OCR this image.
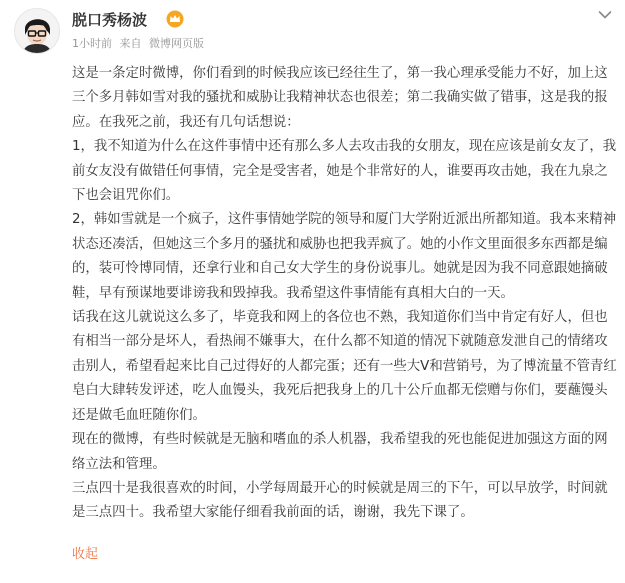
脱口秀杨波
1小时前 来自 微博网页版

这是一条定时微博，你们看到的时候我应该已经往生了，第一我心理承受能力不好，加上这三个多月韩如雪对我的骚扰和威胁让我精神状态也很差；第二我确实做了错事，这是我的报应。在我死之前，我还有几句话想说：

1，我不知道为什么在这件事情中还有那么多人去攻击我的女朋友，现在应该是前女友了，我前女友没有做错任何事情，完全是受害者，她是个非常好的人，谁要再攻击她，我在九泉之下也会诅咒你们。

2，韩如雪就是一个疯子，这件事情她学院的领导和厦门大学附近派出所都知道。我本来精神状态还凑活，但她这三个多月的骚扰和威胁也把我弄疯了。她的小作文里面很多东西都是编的，装可怜博同情，还拿行业和自己女大学生的身份说事儿。她就是因为我不同意跟她摘破鞋，早有预谋地要诽谤我和毁掉我。我希望这件事情能有真相大白的一天。

话我在这儿就说这么多了，毕竟我和网上的各位也不熟，我知道你们当中肯定有好人，但也有相当一部分是坏人，看热闹不嫌事大，在什么都不知道的情况下就随意发泄自己的情绪攻击别人，希望看起来比自己过得好的人都完蛋；还有一些大V和营销号，为了博流量不管青红皂白大肆转发评述，吃人血馒头，我死后把我身上的几十公斤血都无偿赠与你们，要蘸馒头还是做毛血旺随你们。

现在的微博，有些时候就是无脑和嗜血的杀人机器，我希望我的死也能促进加强这方面的网络立法和管理。

三点四十是我很喜欢的时间，小学每周最开心的时候就是周三的下午，可以早放学，时间就是三点四十。我希望大家能仔细看我前面的话，谢谢，我先下课了。

收起
